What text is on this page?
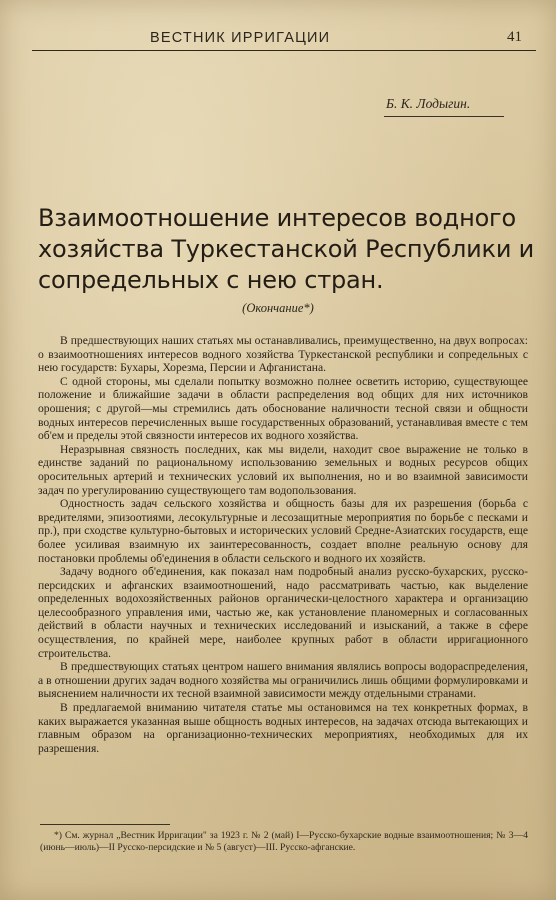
ВЕСТНИК ИРРИГАЦИИ	41
Б. К. Лодыгин.
Взаимоотношение интересов водного хозяйства Туркестанской Республики и сопредельных с нею стран.
(Окончание*)

В предшествующих наших статьях мы останавливались, преимущественно, на двух вопросах: о взаимоотношениях интересов водного хозяйства Туркестанской республики и сопредельных с нею государств: Бухары, Хорезма, Персии и Афганистана.

С одной стороны, мы сделали попытку возможно полнее осветить историю, существующее положение и ближайшие задачи в области распределения вод общих для них источников орошения; с другой—мы стремились дать обоснование наличности тесной связи и общности водных интересов перечисленных выше государственных образований, устанавливая вместе с тем об'ем и пределы этой связности интересов их водного хозяйства.

Неразрывная связность последних, как мы видели, находит свое выражение не только в единстве заданий по рациональному использованию земельных и водных ресурсов общих оросительных артерий и технических условий их выполнения, но и во взаимной зависимости задач по урегулированию существующего там водопользования.

Одностность задач сельского хозяйства и общность базы для их разрешения (борьба с вредителями, эпизоотиями, лесокультурные и лесозащитные мероприятия по борьбе с песками и пр.), при сходстве культурно-бытовых и исторических условий Средне-Азиатских государств, еще более усиливая взаимную их заинтересованность, создает вполне реальную основу для постановки проблемы об'единения в области сельского и водного их хозяйств.

Задачу водного об'единения, как показал нам подробный анализ русско-бухарских, русско-персидских и афганских взаимоотношений, надо рассматривать частью, как выделение определенных водохозяйственных районов органически-целостного характера и организацию целесообразного управления ими, частью же, как установление планомерных и согласованных действий в области научных и технических исследований и изысканий, а также в сфере осуществления, по крайней мере, наиболее крупных работ в области ирригационного строительства.

В предшествующих статьях центром нашего внимания являлись вопросы водораспределения, а в отношении других задач водного хозяйства мы ограничились лишь общими формулировками и выяснением наличности их тесной взаимной зависимости между отдельными странами.

В предлагаемой вниманию читателя статье мы остановимся на тех конкретных формах, в каких выражается указанная выше общность водных интересов, на задачах отсюда вытекающих и главным образом на организационно-технических мероприятиях, необходимых для их разрешения.

*) См. журнал „Вестник Ирригации" за 1923 г. № 2 (май) I—Русско-бухарские водные взаимоотношения; № 3—4 (июнь—июль)—II Русско-персидские и № 5 (август)—III. Русско-афганские.
